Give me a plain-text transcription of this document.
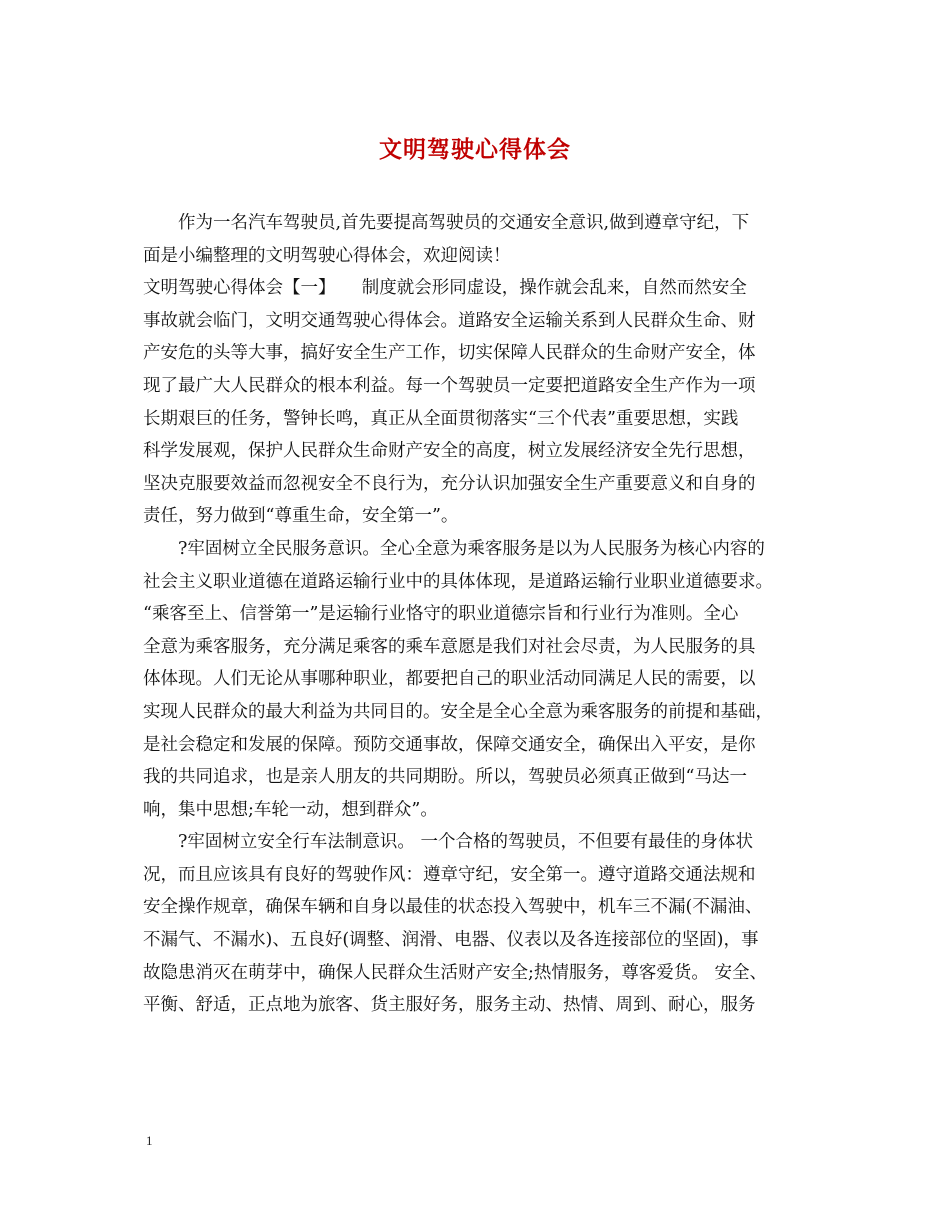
文明驾驶心得体会
　　作为一名汽车驾驶员,首先要提高驾驶员的交通安全意识,做到遵章守纪，下
面是小编整理的文明驾驶心得体会，欢迎阅读！
文明驾驶心得体会【一】　　制度就会形同虚设，操作就会乱来，自然而然安全
事故就会临门，文明交通驾驶心得体会。道路安全运输关系到人民群众生命、财
产安危的头等大事，搞好安全生产工作，切实保障人民群众的生命财产安全，体
现了最广大人民群众的根本利益。每一个驾驶员一定要把道路安全生产作为一项
长期艰巨的任务，警钟长鸣，真正从全面贯彻落实“三个代表”重要思想，实践
科学发展观，保护人民群众生命财产安全的高度，树立发展经济安全先行思想，
坚决克服要效益而忽视安全不良行为，充分认识加强安全生产重要意义和自身的
责任，努力做到“尊重生命，安全第一”。
　　?牢固树立全民服务意识。全心全意为乘客服务是以为人民服务为核心内容的
社会主义职业道德在道路运输行业中的具体体现，是道路运输行业职业道德要求。
“乘客至上、信誉第一”是运输行业恪守的职业道德宗旨和行业行为准则。全心
全意为乘客服务，充分满足乘客的乘车意愿是我们对社会尽责，为人民服务的具
体体现。人们无论从事哪种职业，都要把自己的职业活动同满足人民的需要，以
实现人民群众的最大利益为共同目的。安全是全心全意为乘客服务的前提和基础，
是社会稳定和发展的保障。预防交通事故，保障交通安全，确保出入平安，是你
我的共同追求，也是亲人朋友的共同期盼。所以，驾驶员必须真正做到“马达一
响，集中思想;车轮一动，想到群众”。
　　?牢固树立安全行车法制意识。 一个合格的驾驶员，不但要有最佳的身体状
况，而且应该具有良好的驾驶作风：遵章守纪，安全第一。遵守道路交通法规和
安全操作规章，确保车辆和自身以最佳的状态投入驾驶中，机车三不漏(不漏油、
不漏气、不漏水)、五良好(调整、润滑、电器、仪表以及各连接部位的坚固)，事
故隐患消灭在萌芽中，确保人民群众生活财产安全;热情服务，尊客爱货。 安全、
平衡、舒适，正点地为旅客、货主服好务，服务主动、热情、周到、耐心，服务
1
